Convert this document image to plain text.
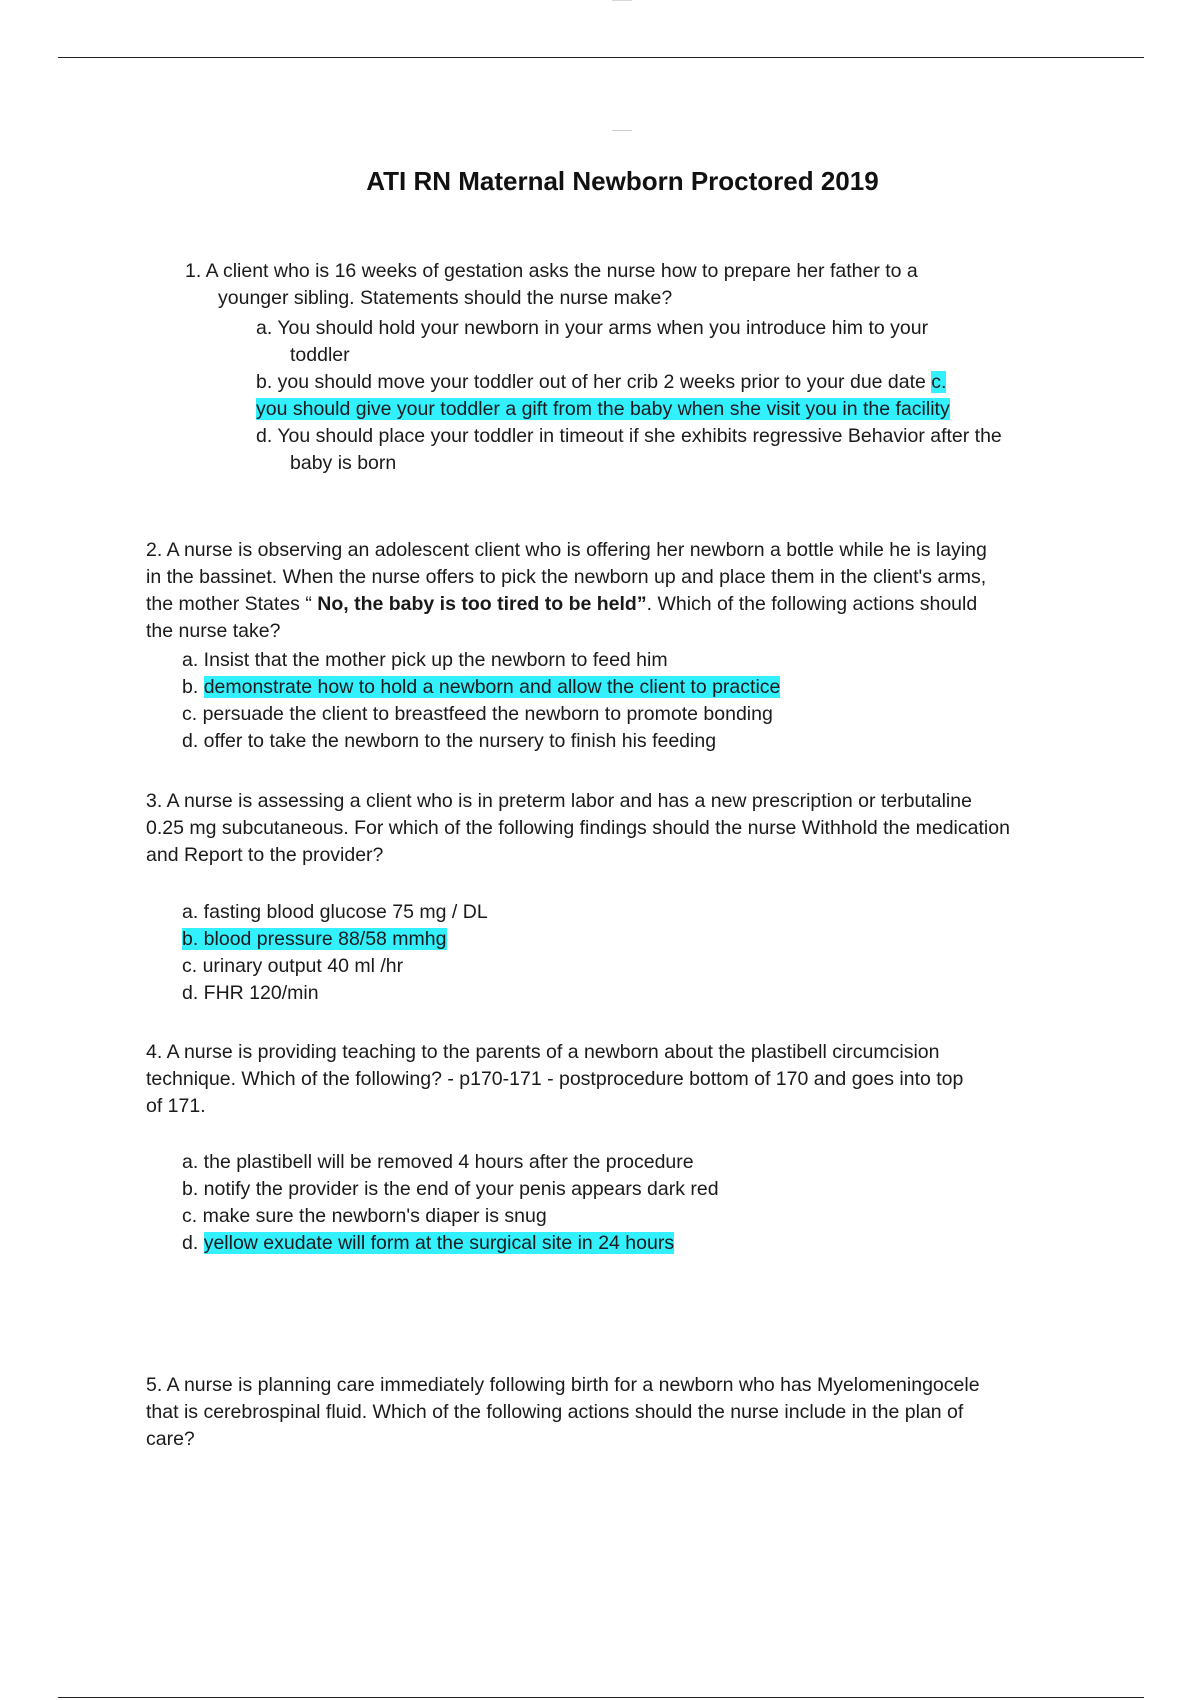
ATI RN Maternal Newborn Proctored 2019
1. A client who is 16 weeks of gestation asks the nurse how to prepare her father to a
younger sibling. Statements should the nurse make?
a. You should hold your newborn in your arms when you introduce him to your
toddler
b. you should move your toddler out of her crib 2 weeks prior to your due date c.
you should give your toddler a gift from the baby when she visit you in the facility
d. You should place your toddler in timeout if she exhibits regressive Behavior after the
baby is born
2. A nurse is observing an adolescent client who is offering her newborn a bottle while he is laying
in the bassinet. When the nurse offers to pick the newborn up and place them in the client's arms,
the mother States “ No, the baby is too tired to be held”. Which of the following actions should
the nurse take?
a. Insist that the mother pick up the newborn to feed him
b. demonstrate how to hold a newborn and allow the client to practice
c. persuade the client to breastfeed the newborn to promote bonding
d. offer to take the newborn to the nursery to finish his feeding
3. A nurse is assessing a client who is in preterm labor and has a new prescription or terbutaline
0.25 mg subcutaneous. For which of the following findings should the nurse Withhold the medication
and Report to the provider?
a. fasting blood glucose 75 mg / DL
b. blood pressure 88/58 mmhg
c. urinary output 40 ml /hr
d. FHR 120/min
4. A nurse is providing teaching to the parents of a newborn about the plastibell circumcision
technique. Which of the following? - p170-171 - postprocedure bottom of 170 and goes into top
of 171.
a. the plastibell will be removed 4 hours after the procedure
b. notify the provider is the end of your penis appears dark red
c. make sure the newborn's diaper is snug
d. yellow exudate will form at the surgical site in 24 hours
5. A nurse is planning care immediately following birth for a newborn who has Myelomeningocele
that is cerebrospinal fluid. Which of the following actions should the nurse include in the plan of
care?
